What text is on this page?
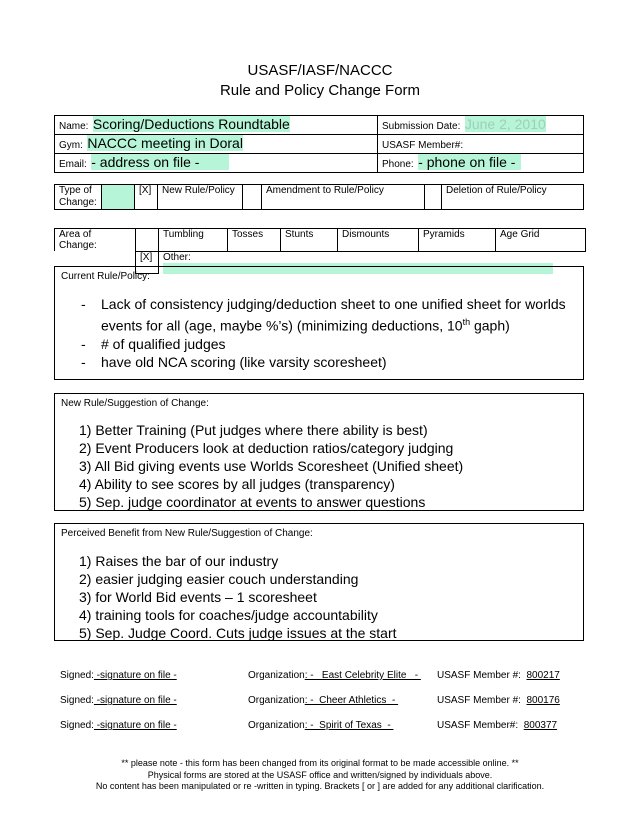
USASF/IASF/NACCC
Rule and Policy Change Form
Name: Scoring/Deductions Roundtable	Submission Date: June 2, 2010
Gym: NACCC meeting in Doral	USASF Member#:
Email: - address on file -	Phone: - phone on file -
Type of Change:		[X]	New Rule/Policy		Amendment to Rule/Policy		Deletion of Rule/Policy
Area of Change:		Tumbling	Tosses	Stunts	Dismounts	Pyramids	Age Grid
	[X]	Other:					
Current Rule/Policy:
- Lack of consistency judging/deduction sheet to one unified sheet for worlds
events for all (age, maybe %’s) (minimizing deductions, 10th gaph)
- # of qualified judges
- have old NCA scoring (like varsity scoresheet)
New Rule/Suggestion of Change:
1) Better Training (Put judges where there ability is best)
2) Event Producers look at deduction ratios/category judging
3) All Bid giving events use Worlds Scoresheet (Unified sheet)
4) Ability to see scores by all judges (transparency)
5) Sep. judge coordinator at events to answer questions
Perceived Benefit from New Rule/Suggestion of Change:
1) Raises the bar of our industry
2) easier judging easier couch understanding
3) for World Bid events – 1 scoresheet
4) training tools for coaches/judge accountability
5) Sep. Judge Coord. Cuts judge issues at the start
Signed: -signature on file -	Organization: -   East Celebrity Elite   - USASF Member #: 800217
Signed: -signature on file -	Organization: -  Cheer Athletics  -	USASF Member #: 800176
Signed: -signature on file -	Organization: -  Spirit of Texas  -	USASF Member#: 800377
** please note - this form has been changed from its original format to be made accessible online. **
Physical forms are stored at the USASF office and written/signed by individuals above.
No content has been manipulated or re -written in typing. Brackets [ or ] are added for any additional clarification.
